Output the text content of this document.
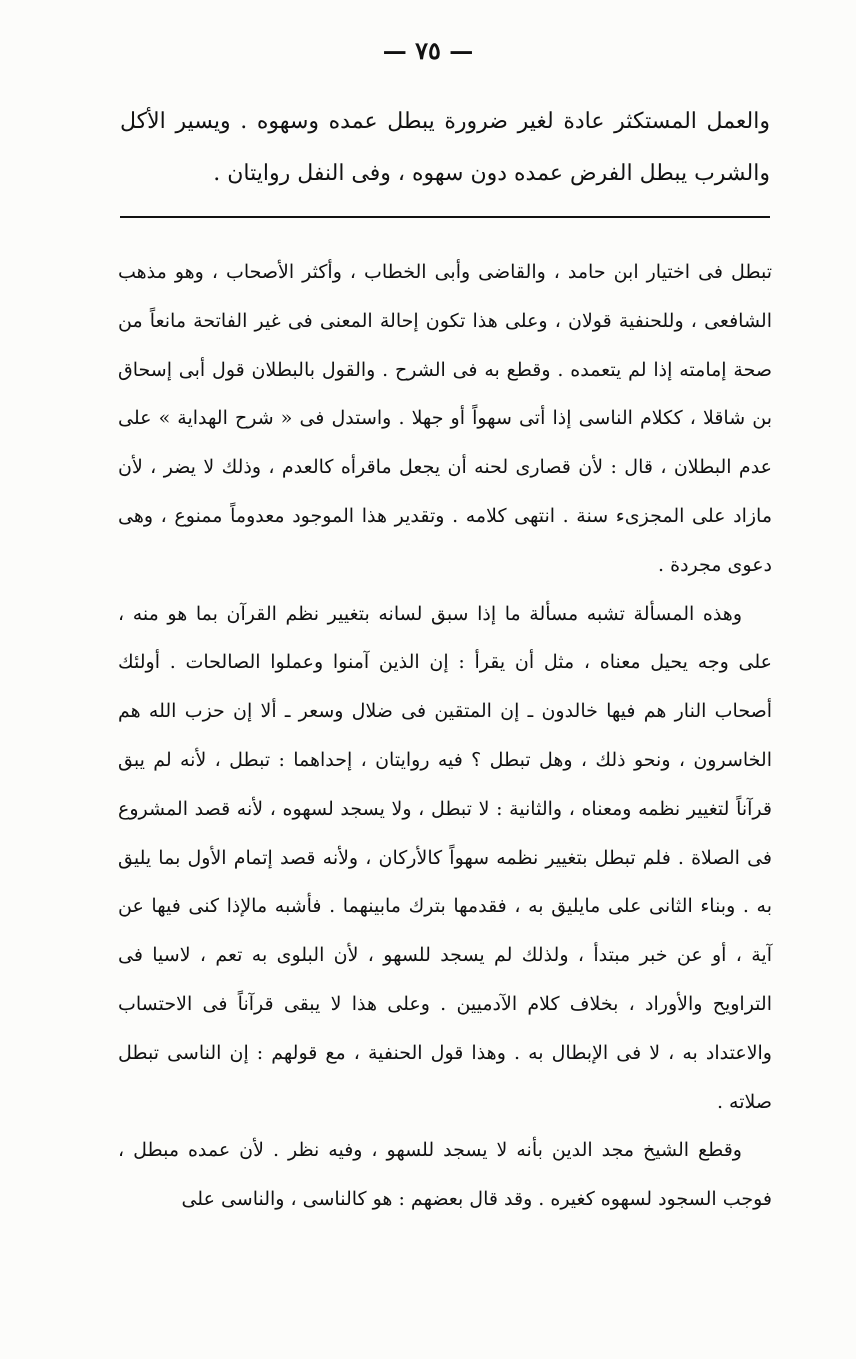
— ٧٥ —

والعمل المستكثر عادة لغير ضرورة يبطل عمده وسهوه . ويسير الأكل والشرب يبطل الفرض عمده دون سهوه ، وفى النفل روايتان .

تبطل فى اختيار ابن حامد ، والقاضى وأبى الخطاب ، وأكثر الأصحاب ، وهو مذهب الشافعى ، وللحنفية قولان ، وعلى هذا تكون إحالة المعنى فى غير الفاتحة مانعاً من صحة إمامته إذا لم يتعمده . وقطع به فى الشرح . والقول بالبطلان قول أبى إسحاق بن شاقلا ، ككلام الناسى إذا أتى سهواً أو جهلا . واستدل فى « شرح الهداية » على عدم البطلان ، قال : لأن قصارى لحنه أن يجعل ماقرأه كالعدم ، وذلك لا يضر ، لأن مازاد على المجزىء سنة . انتهى كلامه . وتقدير هذا الموجود معدوماً ممنوع ، وهى دعوى مجردة .

وهذه المسألة تشبه مسألة ما إذا سبق لسانه بتغيير نظم القرآن بما هو منه ، على وجه يحيل معناه ، مثل أن يقرأ : إن الذين آمنوا وعملوا الصالحات . أولئك أصحاب النار هم فيها خالدون ـ إن المتقين فى ضلال وسعر ـ ألا إن حزب الله هم الخاسرون ، ونحو ذلك ، وهل تبطل ؟ فيه روايتان ، إحداهما : تبطل ، لأنه لم يبق قرآناً لتغيير نظمه ومعناه ، والثانية : لا تبطل ، ولا يسجد لسهوه ، لأنه قصد المشروع فى الصلاة . فلم تبطل بتغيير نظمه سهواً كالأركان ، ولأنه قصد إتمام الأول بما يليق به . وبناء الثانى على مايليق به ، فقدمها بترك مابينهما . فأشبه مالإذا كنى فيها عن آية ، أو عن خبر مبتدأ ، ولذلك لم يسجد للسهو ، لأن البلوى به تعم ، لاسيا فى التراويح والأوراد ، بخلاف كلام الآدميين . وعلى هذا لا يبقى قرآناً فى الاحتساب والاعتداد به ، لا فى الإبطال به . وهذا قول الحنفية ، مع قولهم : إن الناسى تبطل صلاته .

وقطع الشيخ مجد الدين بأنه لا يسجد للسهو ، وفيه نظر . لأن عمده مبطل ، فوجب السجود لسهوه كغيره . وقد قال بعضهم : هو كالناسى ، والناسى على
